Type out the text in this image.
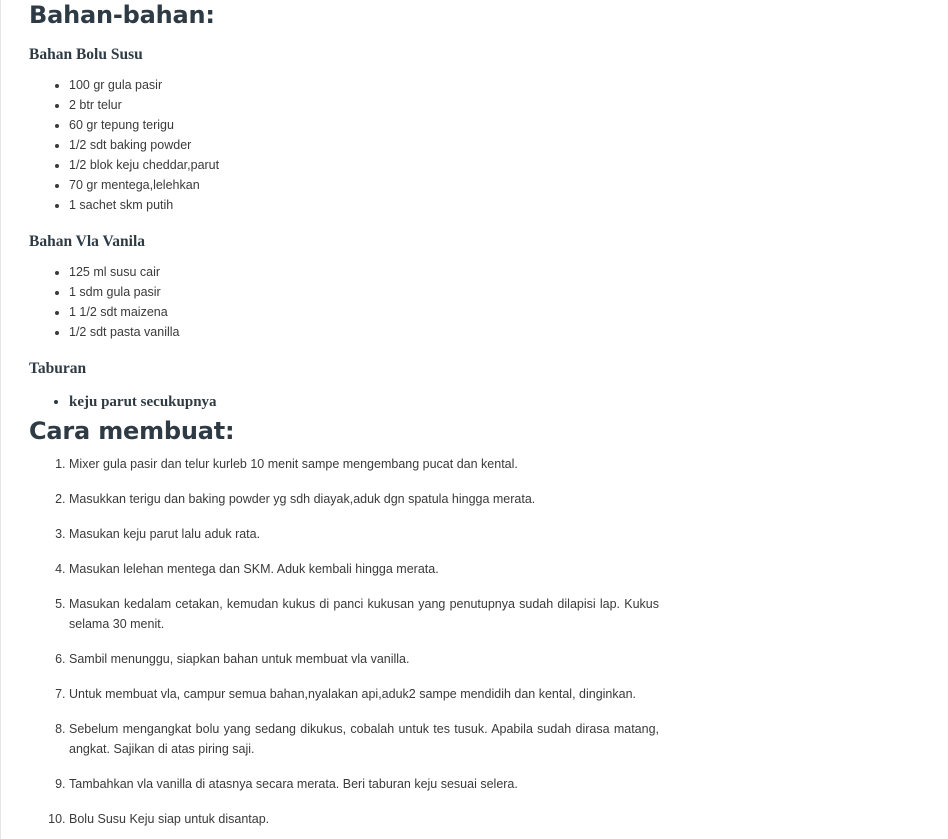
Bahan-bahan:
Bahan Bolu Susu
• 100 gr gula pasir
• 2 btr telur
• 60 gr tepung terigu
• 1/2 sdt baking powder
• 1/2 blok keju cheddar,parut
• 70 gr mentega,lelehkan
• 1 sachet skm putih
Bahan Vla Vanila
• 125 ml susu cair
• 1 sdm gula pasir
• 1 1/2 sdt maizena
• 1/2 sdt pasta vanilla
Taburan
• keju parut secukupnya
Cara membuat:
1. Mixer gula pasir dan telur kurleb 10 menit sampe mengembang pucat dan kental.
2. Masukkan terigu dan baking powder yg sdh diayak,aduk dgn spatula hingga merata.
3. Masukan keju parut lalu aduk rata.
4. Masukan lelehan mentega dan SKM. Aduk kembali hingga merata.
5. Masukan kedalam cetakan, kemudan kukus di panci kukusan yang penutupnya sudah dilapisi lap. Kukus selama 30 menit.
6. Sambil menunggu, siapkan bahan untuk membuat vla vanilla.
7. Untuk membuat vla, campur semua bahan,nyalakan api,aduk2 sampe mendidih dan kental, dinginkan.
8. Sebelum mengangkat bolu yang sedang dikukus, cobalah untuk tes tusuk. Apabila sudah dirasa matang, angkat. Sajikan di atas piring saji.
9. Tambahkan vla vanilla di atasnya secara merata. Beri taburan keju sesuai selera.
10. Bolu Susu Keju siap untuk disantap.
